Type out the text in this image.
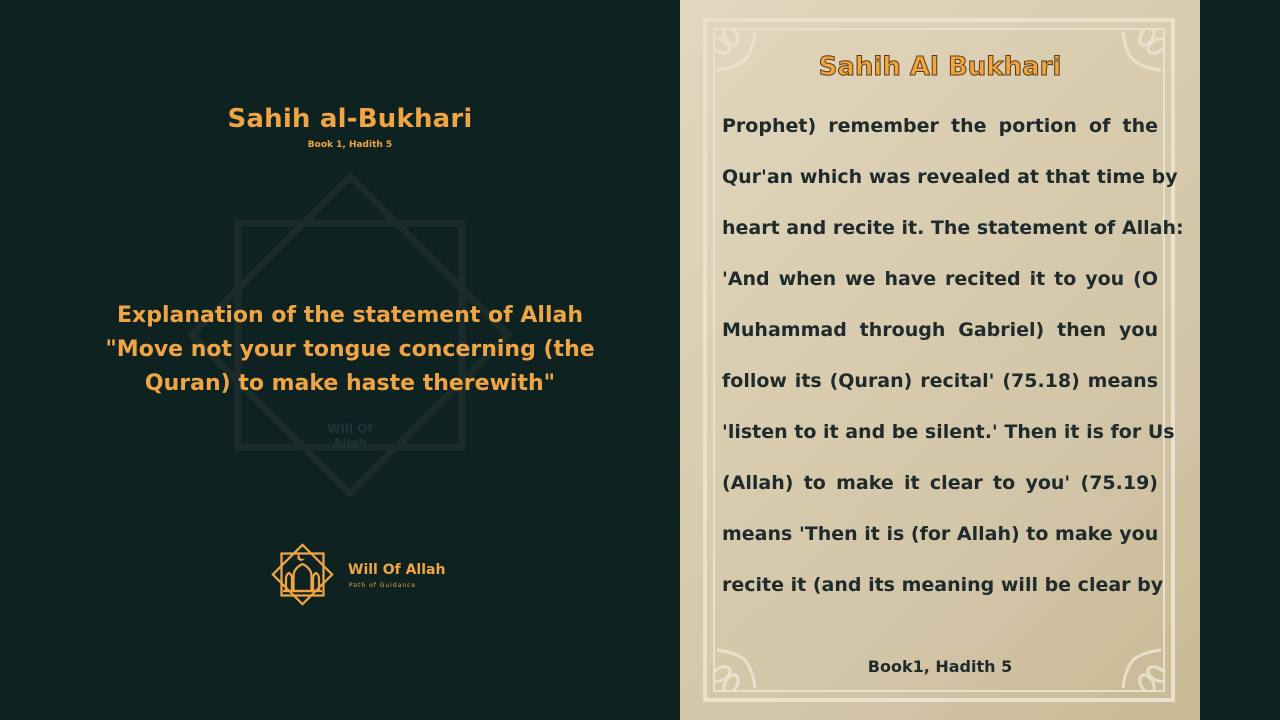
Will Of Allah
Sahih al-Bukhari
Book 1, Hadith 5
Explanation of the statement of Allah
"Move not your tongue concerning (the
Quran) to make haste therewith"
Will Of Allah
Path of Guidance
Sahih Al Bukhari
Prophet) remember the portion of the
Qur'an which was revealed at that time by
heart and recite it. The statement of Allah:
'And when we have recited it to you (O
Muhammad through Gabriel) then you
follow its (Quran) recital' (75.18) means
'listen to it and be silent.' Then it is for Us
(Allah) to make it clear to you' (75.19)
means 'Then it is (for Allah) to make you
recite it (and its meaning will be clear by
Book1, Hadith 5
